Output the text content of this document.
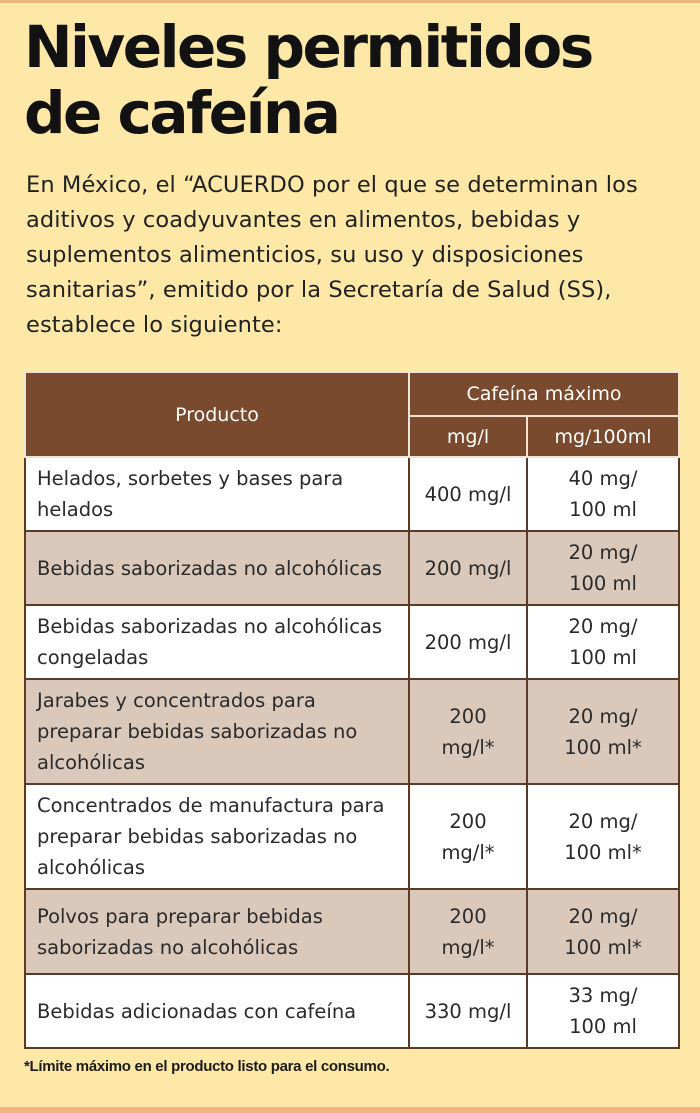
Niveles permitidos
de cafeína

En México, el “ACUERDO por el que se determinan los aditivos y coadyuvantes en alimentos, bebidas y suplementos alimenticios, su uso y disposiciones sanitarias”, emitido por la Secretaría de Salud (SS), establece lo siguiente:

Producto	Cafeína máximo	
	mg/l	mg/100ml
Helados, sorbetes y bases para helados	400 mg/l	40 mg/ 100 ml
Bebidas saborizadas no alcohólicas	200 mg/l	20 mg/ 100 ml
Bebidas saborizadas no alcohólicas congeladas	200 mg/l	20 mg/ 100 ml
Jarabes y concentrados para preparar bebidas saborizadas no alcohólicas	200 mg/l*	20 mg/ 100 ml*
Concentrados de manufactura para preparar bebidas saborizadas no alcohólicas	200 mg/l*	20 mg/ 100 ml*
Polvos para preparar bebidas saborizadas no alcohólicas	200 mg/l*	20 mg/ 100 ml*
Bebidas adicionadas con cafeína	330 mg/l	33 mg/ 100 ml
*Límite máximo en el producto listo para el consumo.
